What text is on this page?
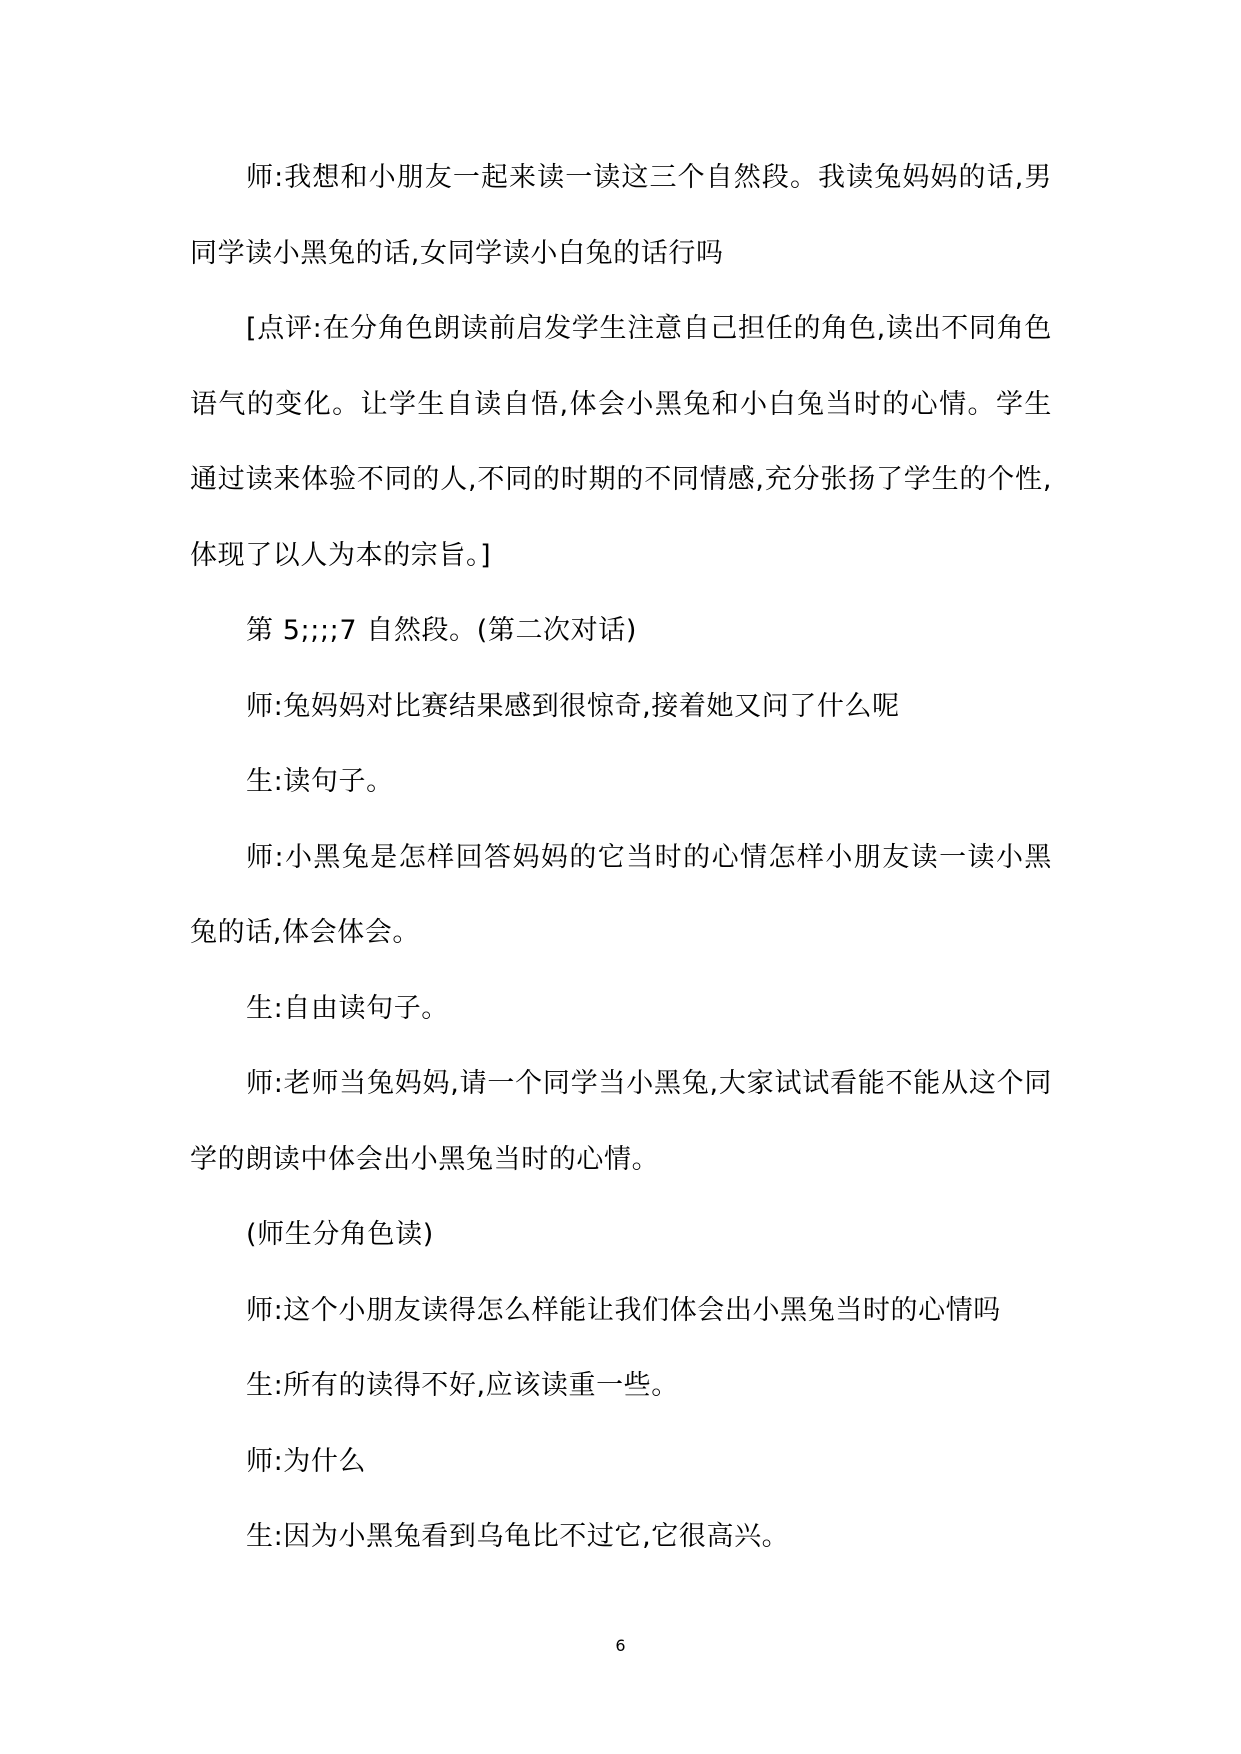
师:我想和小朋友一起来读一读这三个自然段。我读兔妈妈的话,男同学读小黑兔的话,女同学读小白兔的话行吗

[点评:在分角色朗读前启发学生注意自己担任的角色,读出不同角色语气的变化。让学生自读自悟,体会小黑兔和小白兔当时的心情。学生通过读来体验不同的人,不同的时期的不同情感,充分张扬了学生的个性,体现了以人为本的宗旨。]

第 5;;;;7 自然段。(第二次对话)

师:兔妈妈对比赛结果感到很惊奇,接着她又问了什么呢

生:读句子。

师:小黑兔是怎样回答妈妈的它当时的心情怎样小朋友读一读小黑兔的话,体会体会。

生:自由读句子。

师:老师当兔妈妈,请一个同学当小黑兔,大家试试看能不能从这个同学的朗读中体会出小黑兔当时的心情。

(师生分角色读)

师:这个小朋友读得怎么样能让我们体会出小黑兔当时的心情吗

生:所有的读得不好,应该读重一些。

师:为什么

生:因为小黑兔看到乌龟比不过它,它很高兴。

6
